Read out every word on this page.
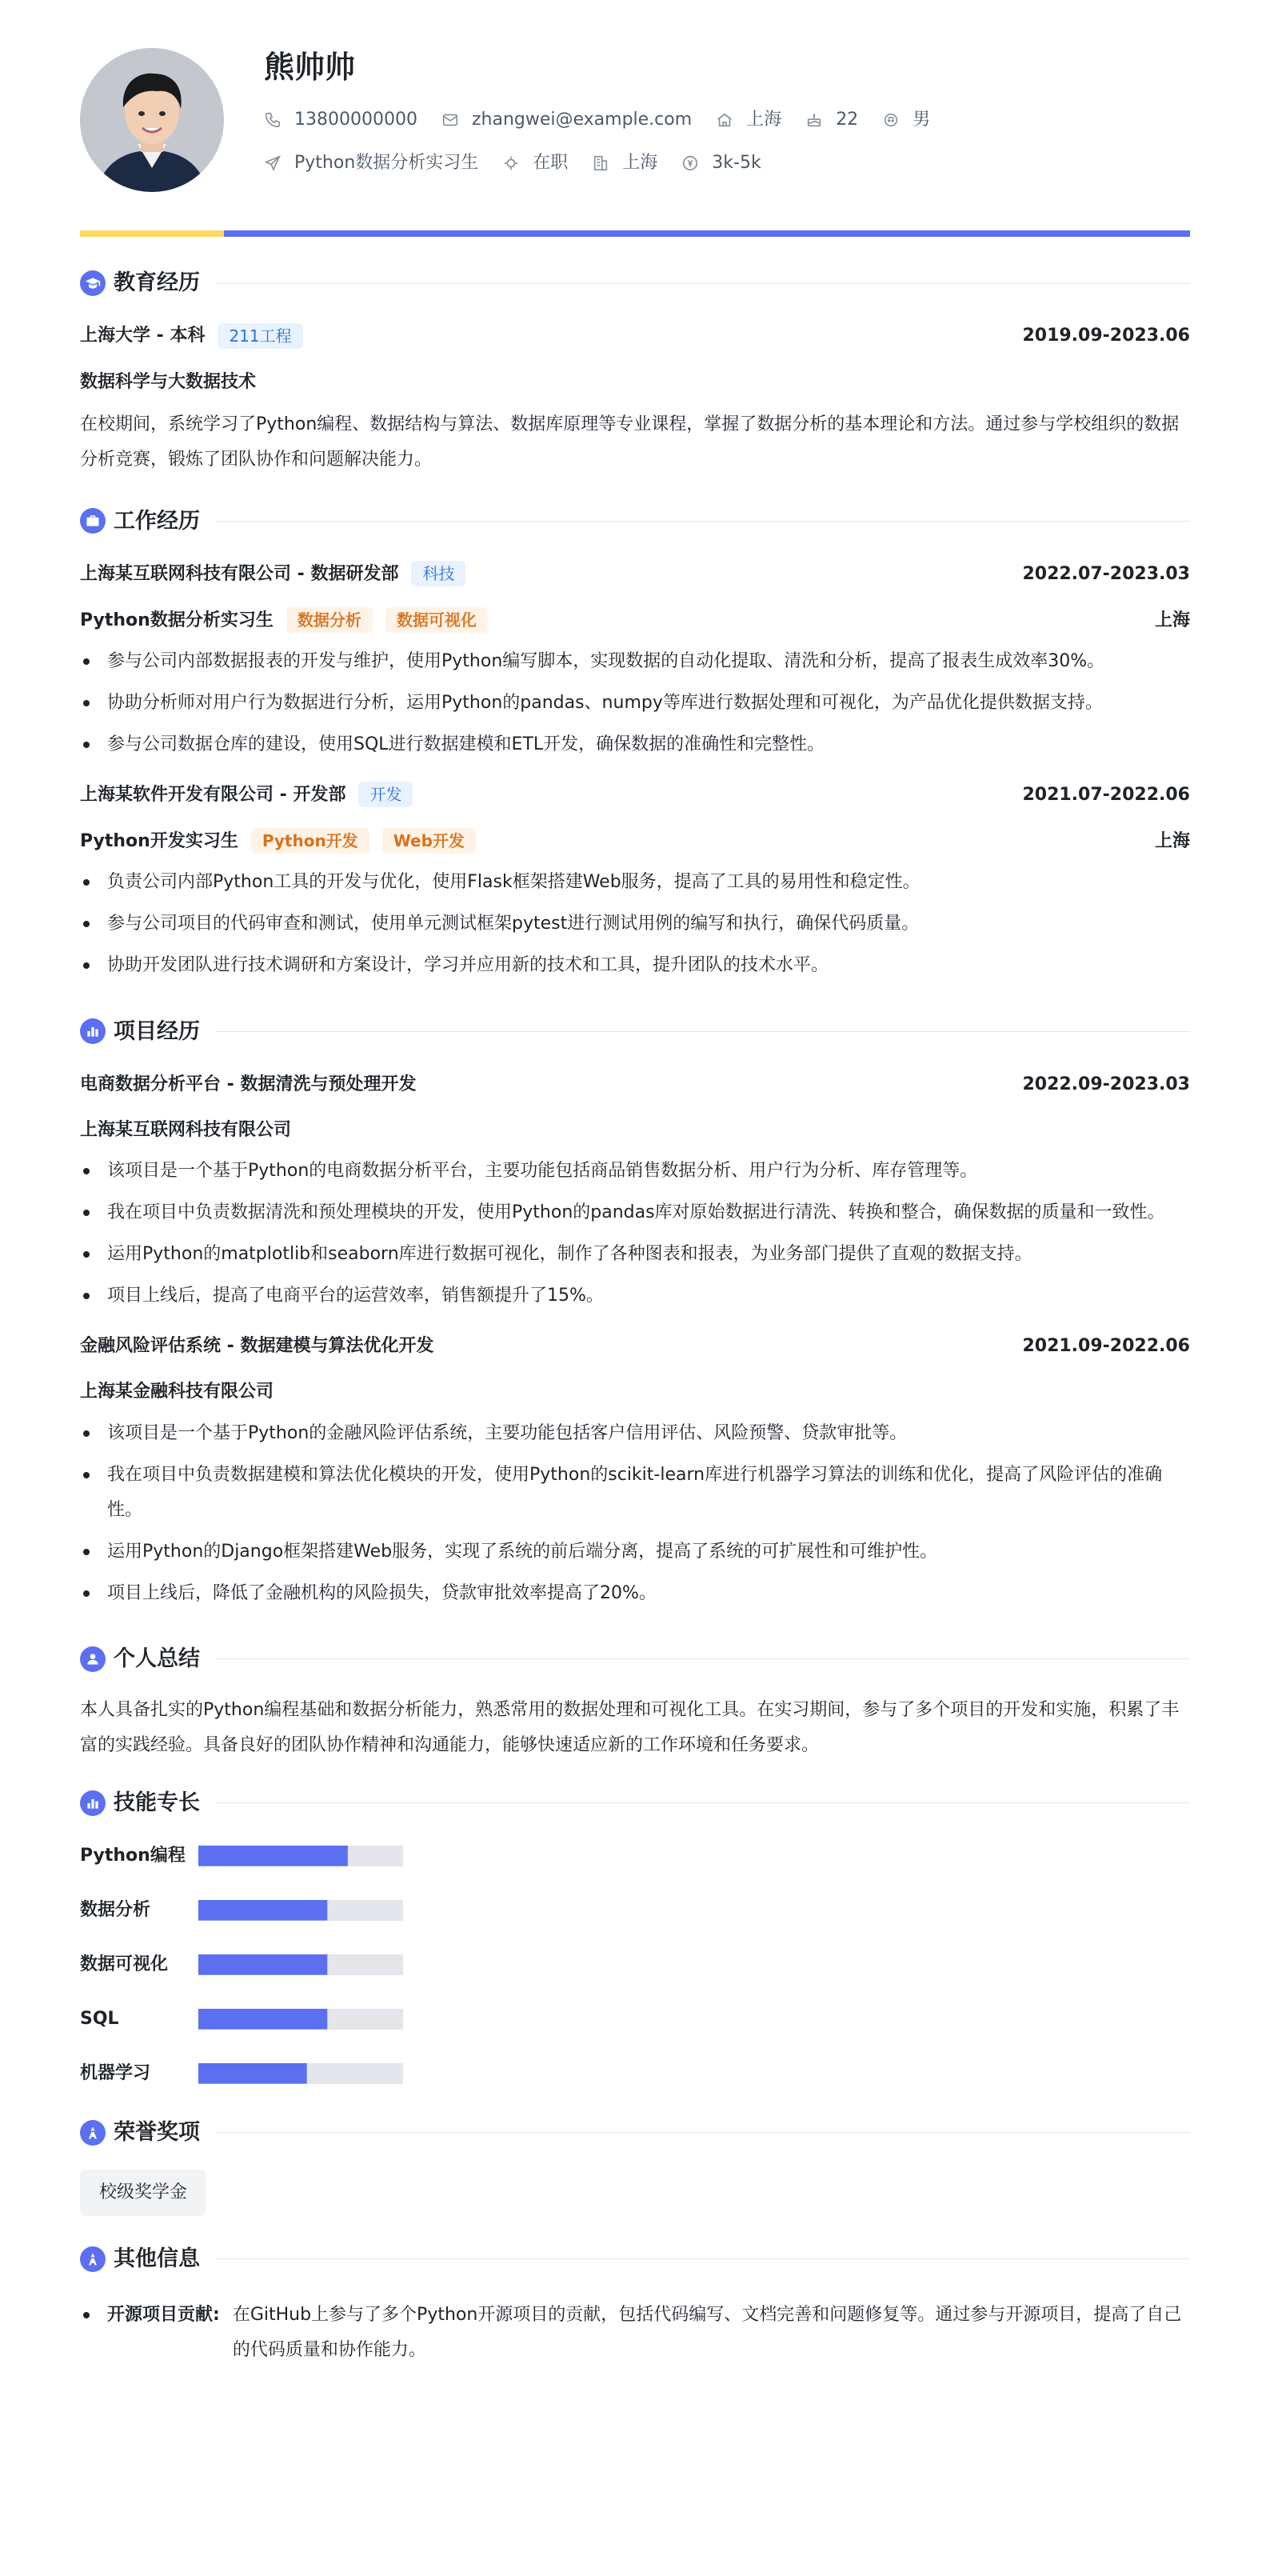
熊帅帅
13800000000	zhangwei@example.com	上海	22	男
Python数据分析实习生	在职	上海	3k-5k
教育经历
上海大学 - 本科	211工程	2019.09-2023.06
数据科学与大数据技术
在校期间，系统学习了Python编程、数据结构与算法、数据库原理等专业课程，掌握了数据分析的基本理论和方法。通过参与学校组织的数据分析竞赛，锻炼了团队协作和问题解决能力。
工作经历
上海某互联网科技有限公司 - 数据研发部	科技	2022.07-2023.03
Python数据分析实习生	数据分析	数据可视化	上海
参与公司内部数据报表的开发与维护，使用Python编写脚本，实现数据的自动化提取、清洗和分析，提高了报表生成效率30%。
协助分析师对用户行为数据进行分析，运用Python的pandas、numpy等库进行数据处理和可视化，为产品优化提供数据支持。
参与公司数据仓库的建设，使用SQL进行数据建模和ETL开发，确保数据的准确性和完整性。
上海某软件开发有限公司 - 开发部	开发	2021.07-2022.06
Python开发实习生	Python开发	Web开发	上海
负责公司内部Python工具的开发与优化，使用Flask框架搭建Web服务，提高了工具的易用性和稳定性。
参与公司项目的代码审查和测试，使用单元测试框架pytest进行测试用例的编写和执行，确保代码质量。
协助开发团队进行技术调研和方案设计，学习并应用新的技术和工具，提升团队的技术水平。
项目经历
电商数据分析平台 - 数据清洗与预处理开发	2022.09-2023.03
上海某互联网科技有限公司
该项目是一个基于Python的电商数据分析平台，主要功能包括商品销售数据分析、用户行为分析、库存管理等。
我在项目中负责数据清洗和预处理模块的开发，使用Python的pandas库对原始数据进行清洗、转换和整合，确保数据的质量和一致性。
运用Python的matplotlib和seaborn库进行数据可视化，制作了各种图表和报表，为业务部门提供了直观的数据支持。
项目上线后，提高了电商平台的运营效率，销售额提升了15%。
金融风险评估系统 - 数据建模与算法优化开发	2021.09-2022.06
上海某金融科技有限公司
该项目是一个基于Python的金融风险评估系统，主要功能包括客户信用评估、风险预警、贷款审批等。
我在项目中负责数据建模和算法优化模块的开发，使用Python的scikit-learn库进行机器学习算法的训练和优化，提高了风险评估的准确性。
运用Python的Django框架搭建Web服务，实现了系统的前后端分离，提高了系统的可扩展性和可维护性。
项目上线后，降低了金融机构的风险损失，贷款审批效率提高了20%。
个人总结
本人具备扎实的Python编程基础和数据分析能力，熟悉常用的数据处理和可视化工具。在实习期间，参与了多个项目的开发和实施，积累了丰富的实践经验。具备良好的团队协作精神和沟通能力，能够快速适应新的工作环境和任务要求。
技能专长
Python编程
数据分析
数据可视化
SQL
机器学习
荣誉奖项
校级奖学金
其他信息
开源项目贡献: 在GitHub上参与了多个Python开源项目的贡献，包括代码编写、文档完善和问题修复等。通过参与开源项目，提高了自己的代码质量和协作能力。
